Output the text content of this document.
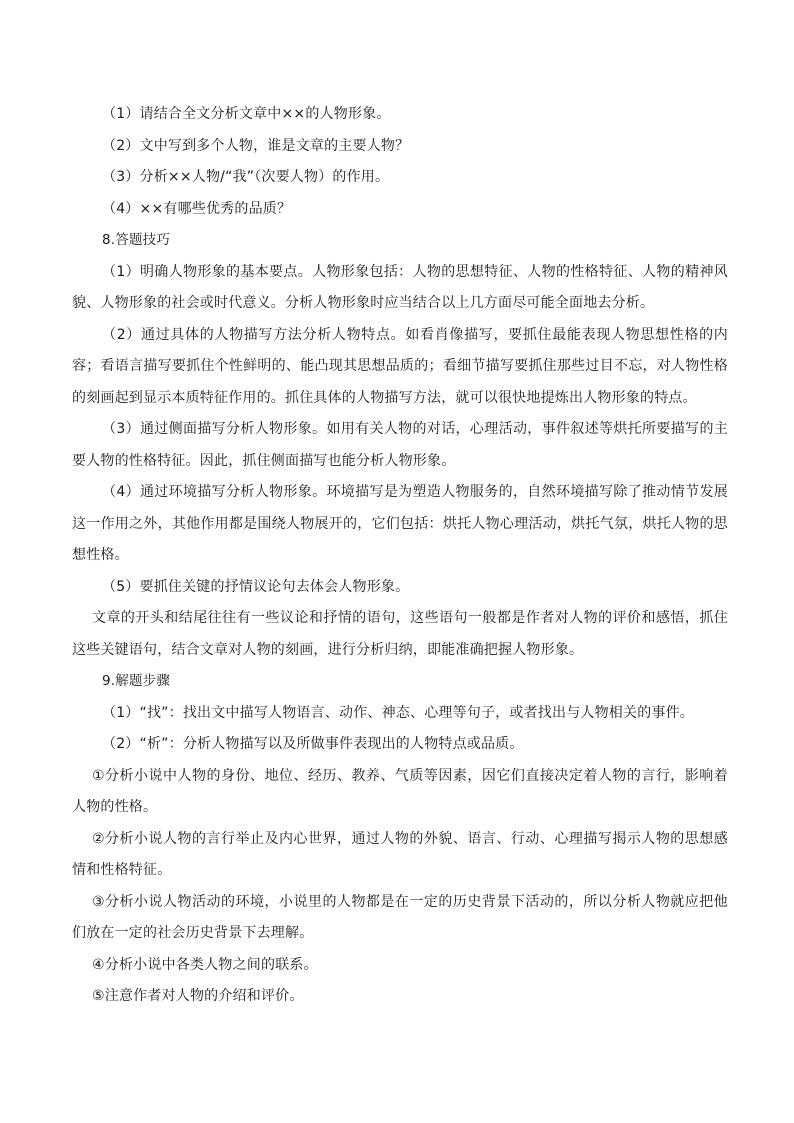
（1）请结合全文分析文章中××的人物形象。

（2）文中写到多个人物，谁是文章的主要人物？

（3）分析××人物/“我”（次要人物）的作用。

（4）××有哪些优秀的品质？

8.答题技巧

（1）明确人物形象的基本要点。人物形象包括：人物的思想特征、人物的性格特征、人物的精神风貌、人物形象的社会或时代意义。分析人物形象时应当结合以上几方面尽可能全面地去分析。

（2）通过具体的人物描写方法分析人物特点。如看肖像描写，要抓住最能表现人物思想性格的内容；看语言描写要抓住个性鲜明的、能凸现其思想品质的；看细节描写要抓住那些过目不忘，对人物性格的刻画起到显示本质特征作用的。抓住具体的人物描写方法，就可以很快地提炼出人物形象的特点。

（3）通过侧面描写分析人物形象。如用有关人物的对话，心理活动，事件叙述等烘托所要描写的主要人物的性格特征。因此，抓住侧面描写也能分析人物形象。

（4）通过环境描写分析人物形象。环境描写是为塑造人物服务的，自然环境描写除了推动情节发展这一作用之外，其他作用都是围绕人物展开的，它们包括：烘托人物心理活动，烘托气氛，烘托人物的思想性格。

（5）要抓住关键的抒情议论句去体会人物形象。

文章的开头和结尾往往有一些议论和抒情的语句，这些语句一般都是作者对人物的评价和感悟，抓住这些关键语句，结合文章对人物的刻画，进行分析归纳，即能准确把握人物形象。

9.解题步骤

（1）“找”：找出文中描写人物语言、动作、神态、心理等句子，或者找出与人物相关的事件。

（2）“析”：分析人物描写以及所做事件表现出的人物特点或品质。

①分析小说中人物的身份、地位、经历、教养、气质等因素，因它们直接决定着人物的言行，影响着人物的性格。

②分析小说人物的言行举止及内心世界，通过人物的外貌、语言、行动、心理描写揭示人物的思想感情和性格特征。

③分析小说人物活动的环境，小说里的人物都是在一定的历史背景下活动的，所以分析人物就应把他们放在一定的社会历史背景下去理解。

④分析小说中各类人物之间的联系。

⑤注意作者对人物的介绍和评价。
